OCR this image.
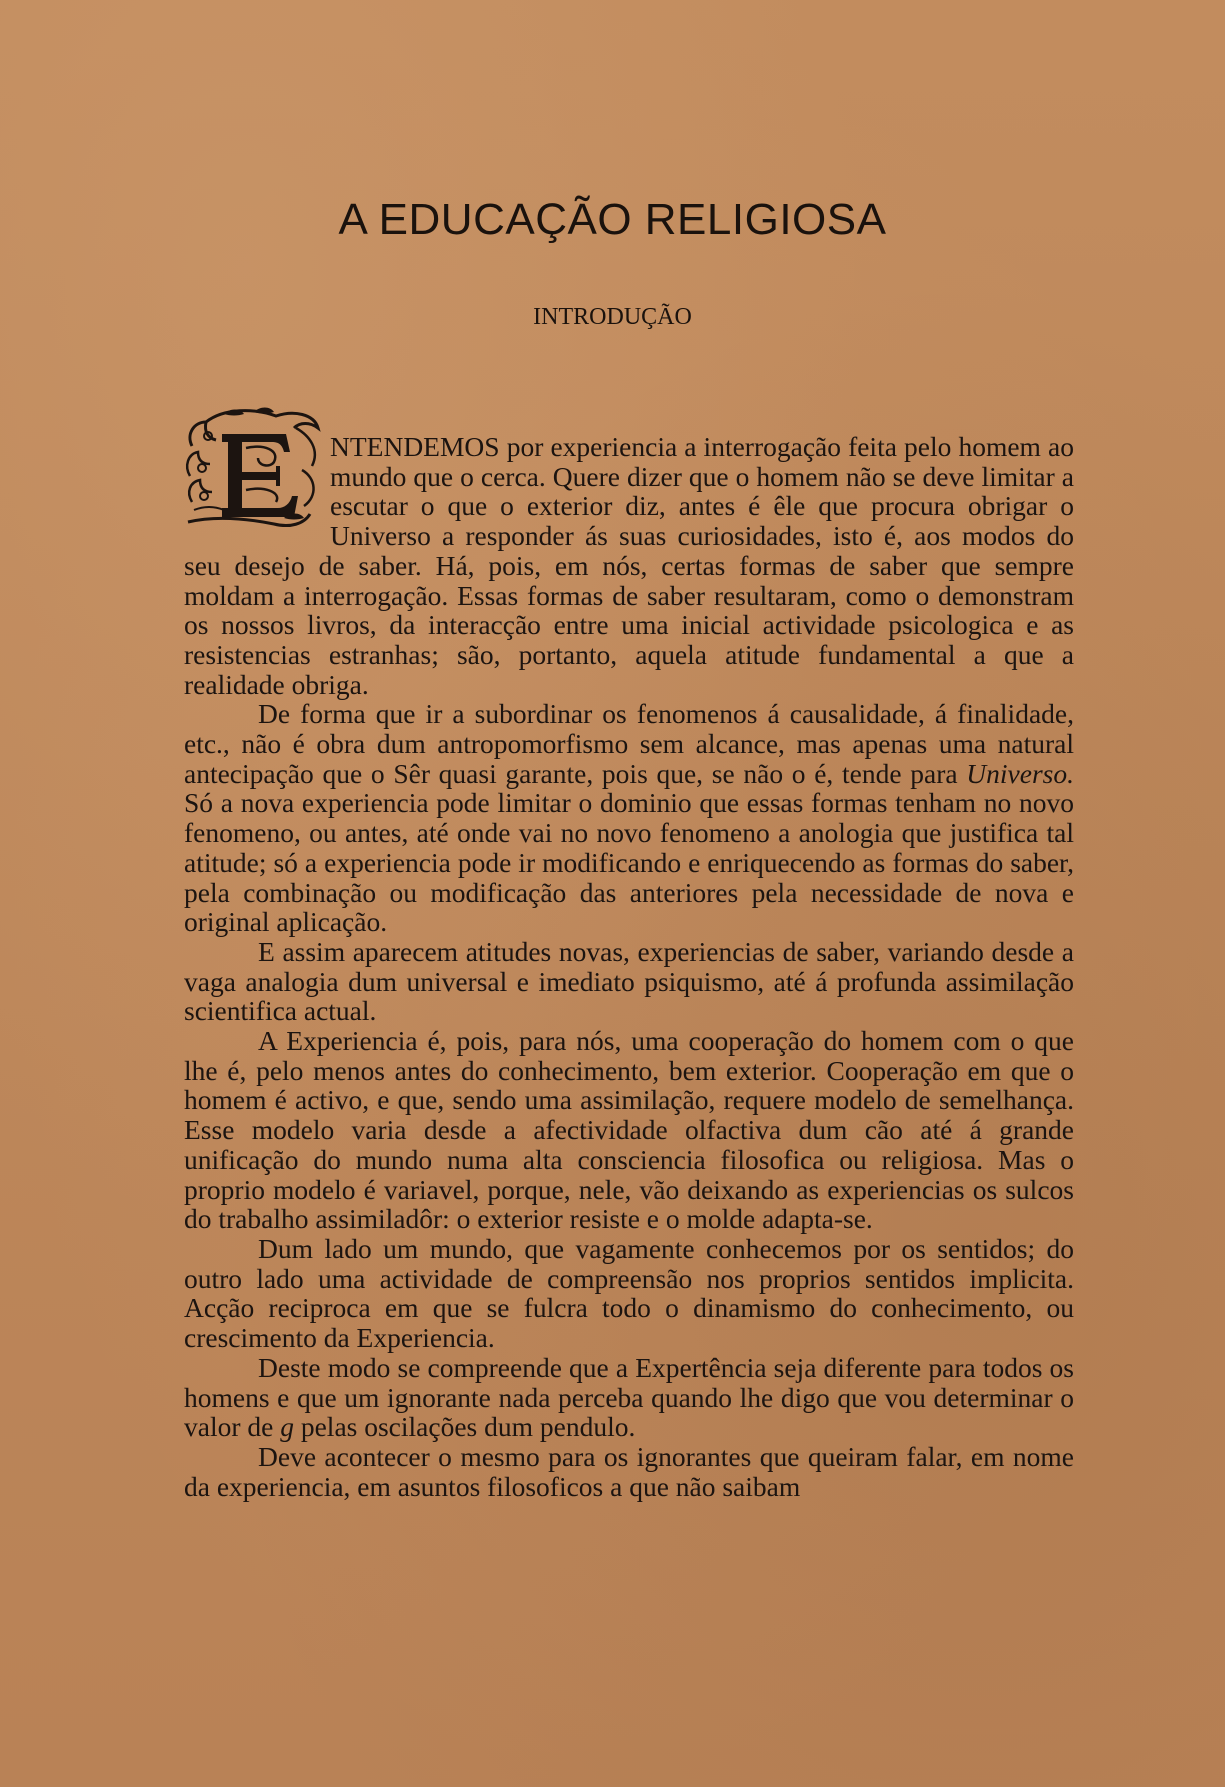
A EDUCAÇÃO RELIGIOSA
INTRODUÇÃO

NTENDEMOS por experiencia a interrogação feita pelo homem ao mundo que o cerca. Quere dizer que o homem não se deve limitar a escutar o que o exterior diz, antes é êle que procura obrigar o Universo a responder ás suas curiosidades, isto é, aos modos do seu desejo de saber. Há, pois, em nós, certas formas de saber que sempre moldam a interrogação. Essas formas de saber resultaram, como o demonstram os nossos livros, da interacção entre uma inicial actividade psicologica e as resistencias estranhas; são, portanto, aquela atitude fundamental a que a realidade obriga.

De forma que ir a subordinar os fenomenos á causalidade, á finalidade, etc., não é obra dum antropomorfismo sem alcance, mas apenas uma natural antecipação que o Sêr quasi garante, pois que, se não o é, tende para Universo. Só a nova experiencia pode limitar o dominio que essas formas tenham no novo fenomeno, ou antes, até onde vai no novo fenomeno a anologia que justifica tal atitude; só a experiencia pode ir modificando e enriquecendo as formas do saber, pela combinação ou modificação das anteriores pela necessidade de nova e original aplicação.

E assim aparecem atitudes novas, experiencias de saber, variando desde a vaga analogia dum universal e imediato psiquismo, até á profunda assimilação scientifica actual.

A Experiencia é, pois, para nós, uma cooperação do homem com o que lhe é, pelo menos antes do conhecimento, bem exterior. Cooperação em que o homem é activo, e que, sendo uma assimilação, requere modelo de semelhança. Esse modelo varia desde a afectividade olfactiva dum cão até á grande unificação do mundo numa alta consciencia filosofica ou religiosa. Mas o proprio modelo é variavel, porque, nele, vão deixando as experiencias os sulcos do trabalho assimiladôr: o exterior resiste e o molde adapta-se.

Dum lado um mundo, que vagamente conhecemos por os sentidos; do outro lado uma actividade de compreensão nos proprios sentidos implicita. Acção reciproca em que se fulcra todo o dinamismo do conhecimento, ou crescimento da Experiencia.

Deste modo se compreende que a Expertência seja diferente para todos os homens e que um ignorante nada perceba quando lhe digo que vou determinar o valor de g pelas oscilações dum pendulo.

Deve acontecer o mesmo para os ignorantes que queiram falar, em nome da experiencia, em asuntos filosoficos a que não saibam
